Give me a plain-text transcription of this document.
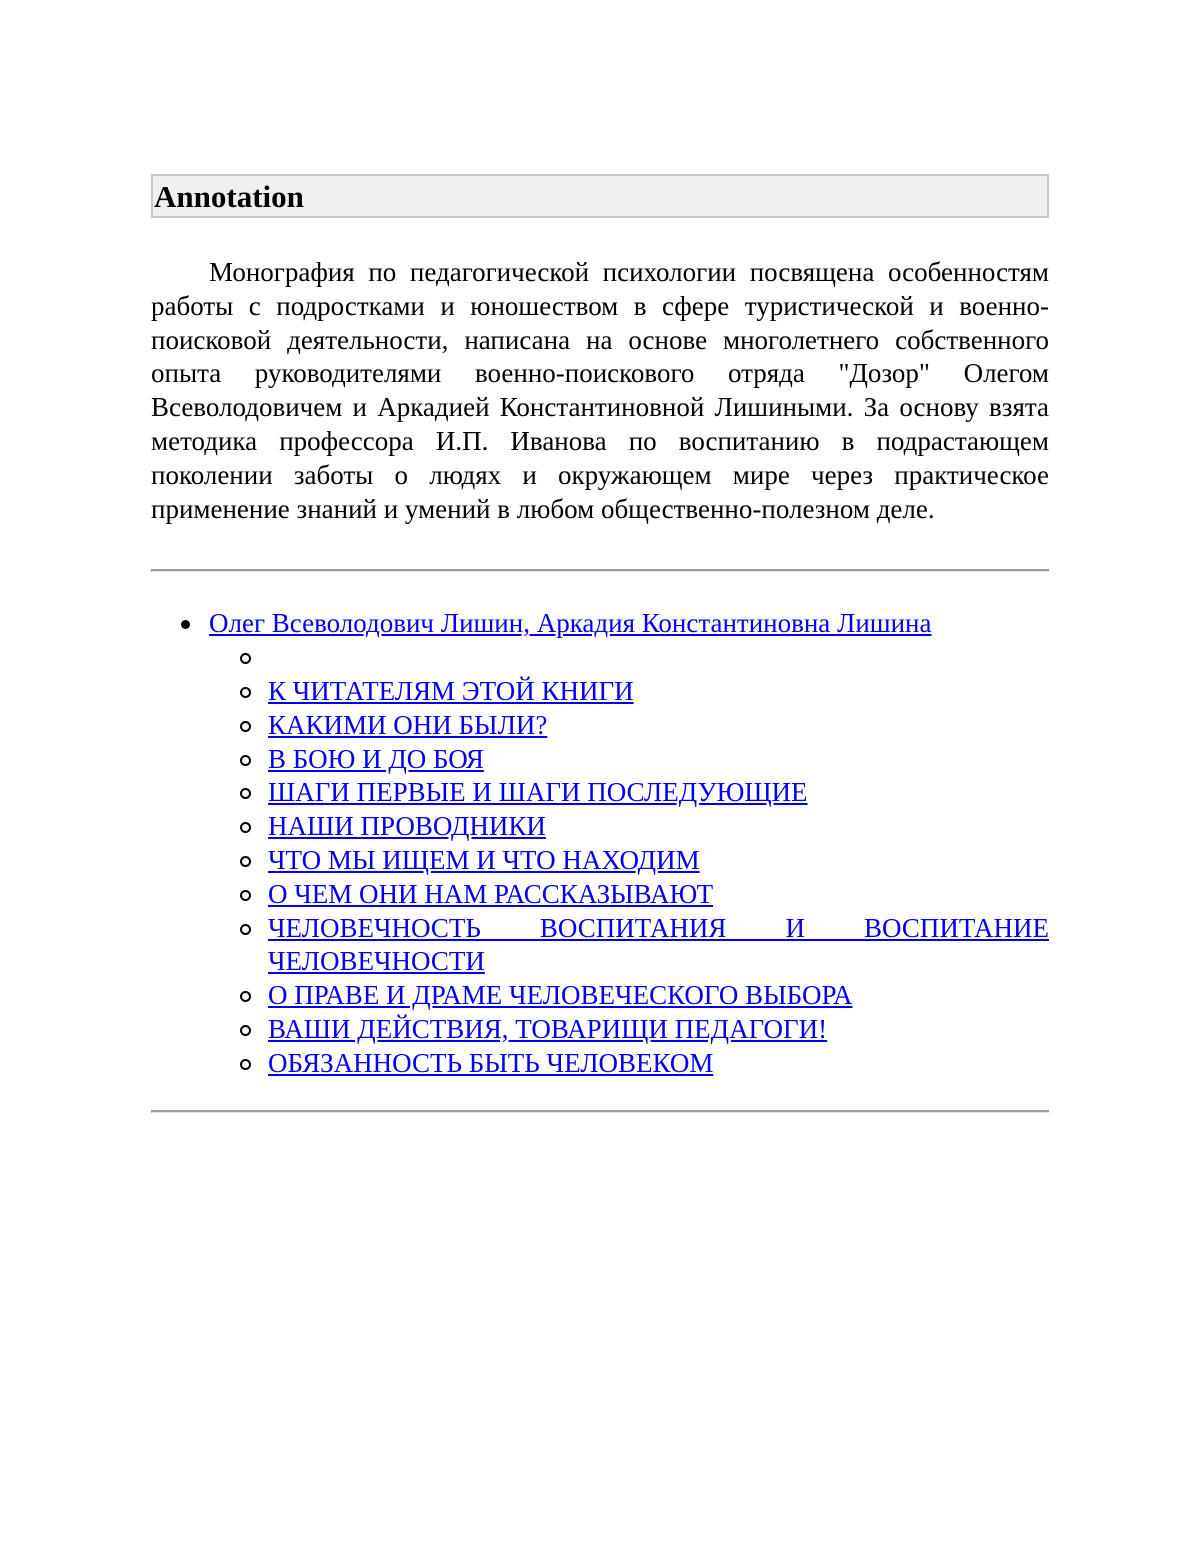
Annotation

Монография по педагогической психологии посвящена особенностям работы с подростками и юношеством в сфере туристической и военно-поисковой деятельности, написана на основе многолетнего собственного опыта руководителями военно-поискового отряда "Дозор" Олегом Всеволодовичем и Аркадией Константиновной Лишиными. За основу взята методика профессора И.П. Иванова по воспитанию в подрастающем поколении заботы о людях и окружающем мире через практическое применение знаний и умений в любом общественно-полезном деле.

Олег Всеволодович Лишин, Аркадия Константиновна Лишина
К ЧИТАТЕЛЯМ ЭТОЙ КНИГИ
КАКИМИ ОНИ БЫЛИ?
В БОЮ И ДО БОЯ
ШАГИ ПЕРВЫЕ И ШАГИ ПОСЛЕДУЮЩИЕ
НАШИ ПРОВОДНИКИ
ЧТО МЫ ИЩЕМ И ЧТО НАХОДИМ
О ЧЕМ ОНИ НАМ РАССКАЗЫВАЮТ
ЧЕЛОВЕЧНОСТЬ ВОСПИТАНИЯ И ВОСПИТАНИЕ ЧЕЛОВЕЧНОСТИ
О ПРАВЕ И ДРАМЕ ЧЕЛОВЕЧЕСКОГО ВЫБОРА
ВАШИ ДЕЙСТВИЯ, ТОВАРИЩИ ПЕДАГОГИ!
ОБЯЗАННОСТЬ БЫТЬ ЧЕЛОВЕКОМ
